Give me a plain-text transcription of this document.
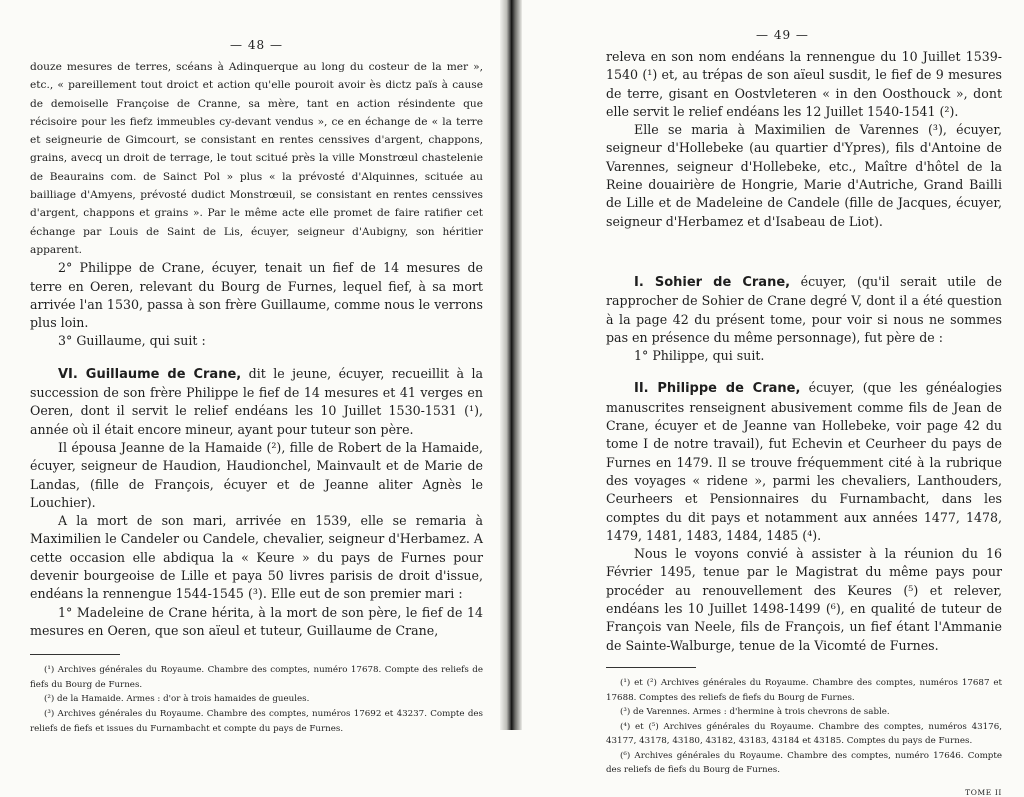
— 48 —

douze mesures de terres, scéans à Adinquerque au long du costeur de la mer », etc., « pareillement tout droict et action qu'elle pouroit avoir ès dictz païs à cause de demoiselle Françoise de Cranne, sa mère, tant en action résindente que récisoire pour les fiefz immeubles cy-devant vendus », ce en échange de « la terre et seigneurie de Gimcourt, se consistant en rentes censsives d'argent, chappons, grains, avecq un droit de terrage, le tout scitué près la ville Monstrœul chastelenie de Beaurains com. de Sainct Pol » plus « la prévosté d'Alquinnes, scituée au bailliage d'Amyens, prévosté dudict Monstrœuil, se consistant en rentes censsives d'argent, chappons et grains ». Par le même acte elle promet de faire ratifier cet échange par Louis de Saint de Lis, écuyer, seigneur d'Aubigny, son héritier apparent.

2° Philippe de Crane, écuyer, tenait un fief de 14 mesures de terre en Oeren, relevant du Bourg de Furnes, lequel fief, à sa mort arrivée l'an 1530, passa à son frère Guillaume, comme nous le verrons plus loin.

3° Guillaume, qui suit :

VI. Guillaume de Crane, dit le jeune, écuyer, recueillit à la succession de son frère Philippe le fief de 14 mesures et 41 verges en Oeren, dont il servit le relief endéans les 10 Juillet 1530-1531 (¹), année où il était encore mineur, ayant pour tuteur son père.

Il épousa Jeanne de la Hamaide (²), fille de Robert de la Hamaide, écuyer, seigneur de Haudion, Haudionchel, Mainvault et de Marie de Landas, (fille de François, écuyer et de Jeanne aliter Agnès le Louchier).

A la mort de son mari, arrivée en 1539, elle se remaria à Maximilien le Candeler ou Candele, chevalier, seigneur d'Herbamez. A cette occasion elle abdiqua la « Keure » du pays de Furnes pour devenir bourgeoise de Lille et paya 50 livres parisis de droit d'issue, endéans la rennengue 1544-1545 (³). Elle eut de son premier mari :

1° Madeleine de Crane hérita, à la mort de son père, le fief de 14 mesures en Oeren, que son aïeul et tuteur, Guillaume de Crane,

(¹) Archives générales du Royaume. Chambre des comptes, numéro 17678. Compte des reliefs de fiefs du Bourg de Furnes.

(²) de la Hamaide. Armes : d'or à trois hamaides de gueules.

(³) Archives générales du Royaume. Chambre des comptes, numéros 17692 et 43237. Compte des reliefs de fiefs et issues du Furnambacht et compte du pays de Furnes.

— 49 —

releva en son nom endéans la rennengue du 10 Juillet 1539-1540 (¹) et, au trépas de son aïeul susdit, le fief de 9 mesures de terre, gisant en Oostvleteren « in den Oosthouck », dont elle servit le relief endéans les 12 Juillet 1540-1541 (²).

Elle se maria à Maximilien de Varennes (³), écuyer, seigneur d'Hollebeke (au quartier d'Ypres), fils d'Antoine de Varennes, seigneur d'Hollebeke, etc., Maître d'hôtel de la Reine douairière de Hongrie, Marie d'Autriche, Grand Bailli de Lille et de Madeleine de Candele (fille de Jacques, écuyer, seigneur d'Herbamez et d'Isabeau de Liot).

I. Sohier de Crane, écuyer, (qu'il serait utile de rapprocher de Sohier de Crane degré V, dont il a été question à la page 42 du présent tome, pour voir si nous ne sommes pas en présence du même personnage), fut père de :

1° Philippe, qui suit.

II. Philippe de Crane, écuyer, (que les généalogies manuscrites renseignent abusivement comme fils de Jean de Crane, écuyer et de Jeanne van Hollebeke, voir page 42 du tome I de notre travail), fut Echevin et Ceurheer du pays de Furnes en 1479. Il se trouve fréquemment cité à la rubrique des voyages « ridene », parmi les chevaliers, Lanthouders, Ceurheers et Pensionnaires du Furnambacht, dans les comptes du dit pays et notamment aux années 1477, 1478, 1479, 1481, 1483, 1484, 1485 (⁴).

Nous le voyons convié à assister à la réunion du 16 Février 1495, tenue par le Magistrat du même pays pour procéder au renouvellement des Keures (⁵) et relever, endéans les 10 Juillet 1498-1499 (⁶), en qualité de tuteur de François van Neele, fils de François, un fief étant l'Ammanie de Sainte-Walburge, tenue de la Vicomté de Furnes.

(¹) et (²) Archives générales du Royaume. Chambre des comptes, numéros 17687 et 17688. Comptes des reliefs de fiefs du Bourg de Furnes.

(³) de Varennes. Armes : d'hermine à trois chevrons de sable.

(⁴) et (⁵) Archives générales du Royaume. Chambre des comptes, numéros 43176, 43177, 43178, 43180, 43182, 43183, 43184 et 43185. Comptes du pays de Furnes.

(⁶) Archives générales du Royaume. Chambre des comptes, numéro 17646. Compte des reliefs de fiefs du Bourg de Furnes.

TOME II
